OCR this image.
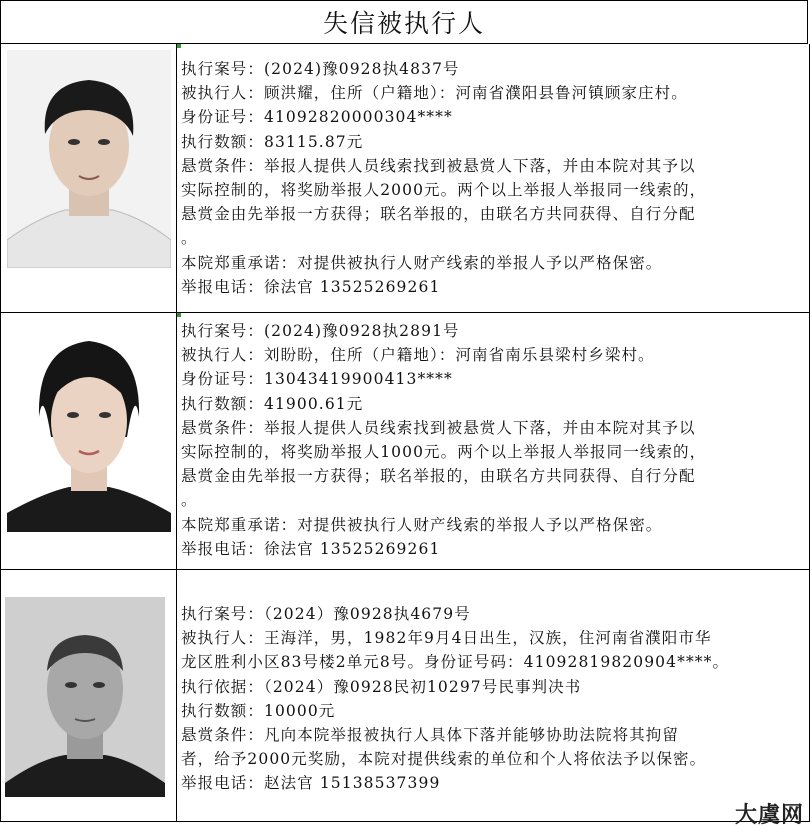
失信被执行人
执行案号：(2024)豫0928执4837号
被执行人：顾洪耀，住所（户籍地）：河南省濮阳县鲁河镇顾家庄村。
身份证号：41092820000304****
执行数额：83115.87元
悬赏条件：举报人提供人员线索找到被悬赏人下落，并由本院对其予以
实际控制的，将奖励举报人2000元。两个以上举报人举报同一线索的，
悬赏金由先举报一方获得；联名举报的，由联名方共同获得、自行分配
。
本院郑重承诺：对提供被执行人财产线索的举报人予以严格保密。
举报电话：徐法官 13525269261
执行案号：(2024)豫0928执2891号
被执行人：刘盼盼，住所（户籍地）：河南省南乐县梁村乡梁村。
身份证号：13043419900413****
执行数额：41900.61元
悬赏条件：举报人提供人员线索找到被悬赏人下落，并由本院对其予以
实际控制的，将奖励举报人1000元。两个以上举报人举报同一线索的，
悬赏金由先举报一方获得；联名举报的，由联名方共同获得、自行分配
。
本院郑重承诺：对提供被执行人财产线索的举报人予以严格保密。
举报电话：徐法官 13525269261
执行案号：（2024）豫0928执4679号
被执行人：王海洋，男，1982年9月4日出生，汉族，住河南省濮阳市华
龙区胜利小区83号楼2单元8号。身份证号码：41092819820904****。
执行依据：（2024）豫0928民初10297号民事判决书
执行数额：10000元
悬赏条件：凡向本院举报被执行人具体下落并能够协助法院将其拘留
者，给予2000元奖励，本院对提供线索的单位和个人将依法予以保密。
举报电话：赵法官 15138537399
大虞网
